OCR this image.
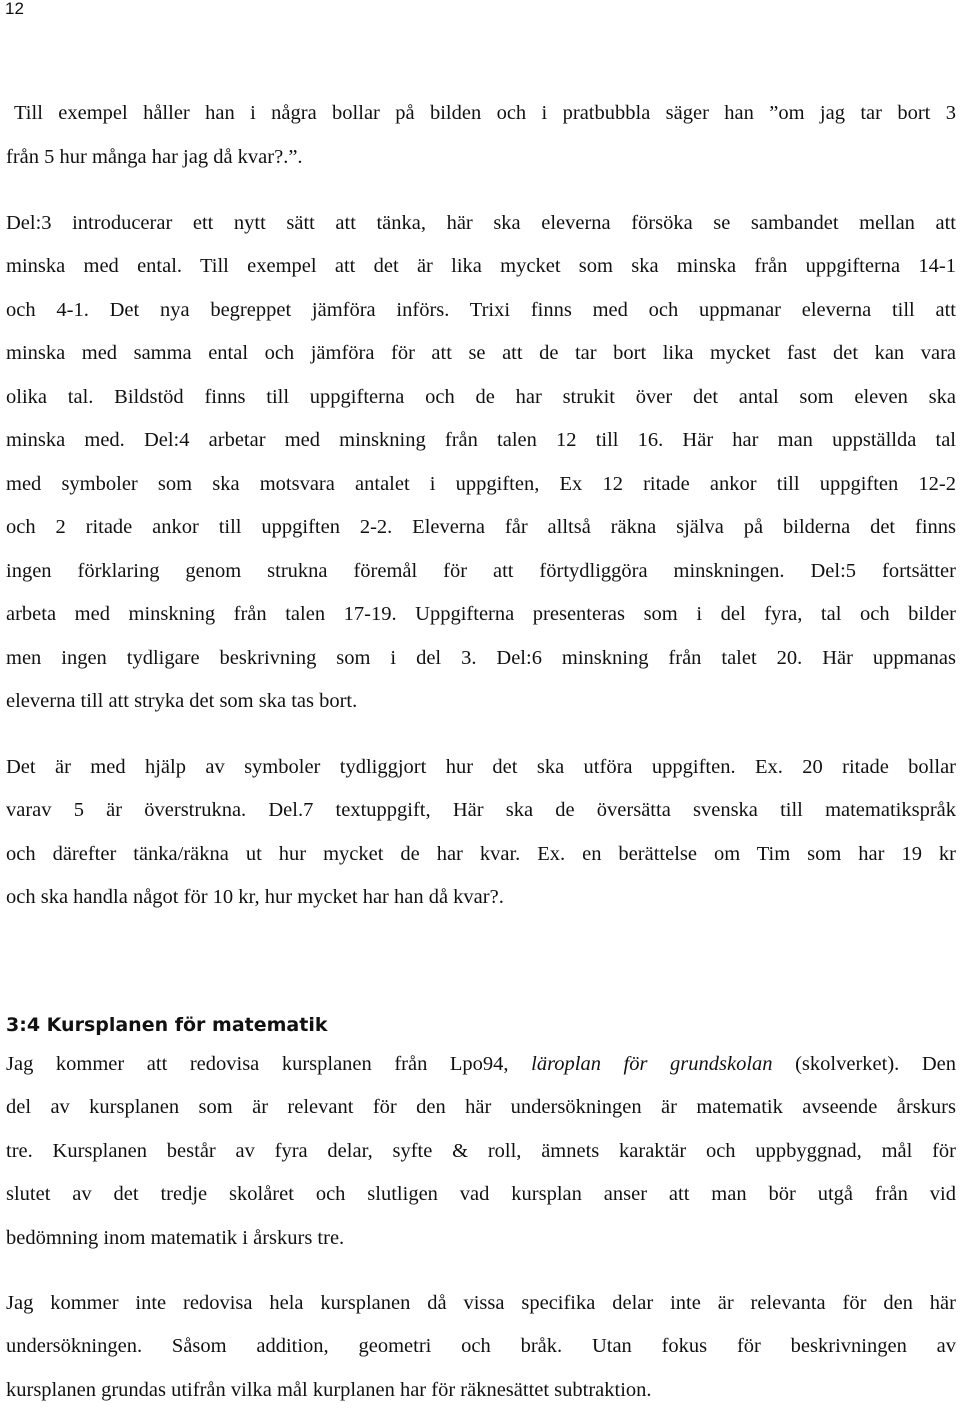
12
Till exempel håller han i några bollar på bilden och i pratbubbla säger han ”om jag tar bort 3
från 5 hur många har jag då kvar?.”.
Del:3 introducerar ett nytt sätt att tänka, här ska eleverna försöka se sambandet mellan att
minska med ental. Till exempel att det är lika mycket som ska minska från uppgifterna 14-1
och 4-1. Det nya begreppet jämföra införs. Trixi finns med och uppmanar eleverna till att
minska med samma ental och jämföra för att se att de tar bort lika mycket fast det kan vara
olika tal. Bildstöd finns till uppgifterna och de har strukit över det antal som eleven ska
minska med. Del:4 arbetar med minskning från talen 12 till 16. Här har man uppställda tal
med symboler som ska motsvara antalet i uppgiften, Ex 12 ritade ankor till uppgiften 12-2
och 2 ritade ankor till uppgiften 2-2. Eleverna får alltså räkna själva på bilderna det finns
ingen förklaring genom strukna föremål för att förtydliggöra minskningen. Del:5 fortsätter
arbeta med minskning från talen 17-19. Uppgifterna presenteras som i del fyra, tal och bilder
men ingen tydligare beskrivning som i del 3. Del:6 minskning från talet 20. Här uppmanas
eleverna till att stryka det som ska tas bort.
Det är med hjälp av symboler tydliggjort hur det ska utföra uppgiften. Ex. 20 ritade bollar
varav 5 är överstrukna. Del.7 textuppgift, Här ska de översätta svenska till matematikspråk
och därefter tänka/räkna ut hur mycket de har kvar. Ex. en berättelse om Tim som har 19 kr
och ska handla något för 10 kr, hur mycket har han då kvar?.
3:4 Kursplanen för matematik
Jag kommer att redovisa kursplanen från Lpo94, läroplan för grundskolan (skolverket). Den
del av kursplanen som är relevant för den här undersökningen är matematik avseende årskurs
tre. Kursplanen består av fyra delar, syfte & roll, ämnets karaktär och uppbyggnad, mål för
slutet av det tredje skolåret och slutligen vad kursplan anser att man bör utgå från vid
bedömning inom matematik i årskurs tre.
Jag kommer inte redovisa hela kursplanen då vissa specifika delar inte är relevanta för den här
undersökningen. Såsom addition, geometri och bråk. Utan fokus för beskrivningen av
kursplanen grundas utifrån vilka mål kurplanen har för räknesättet subtraktion.
